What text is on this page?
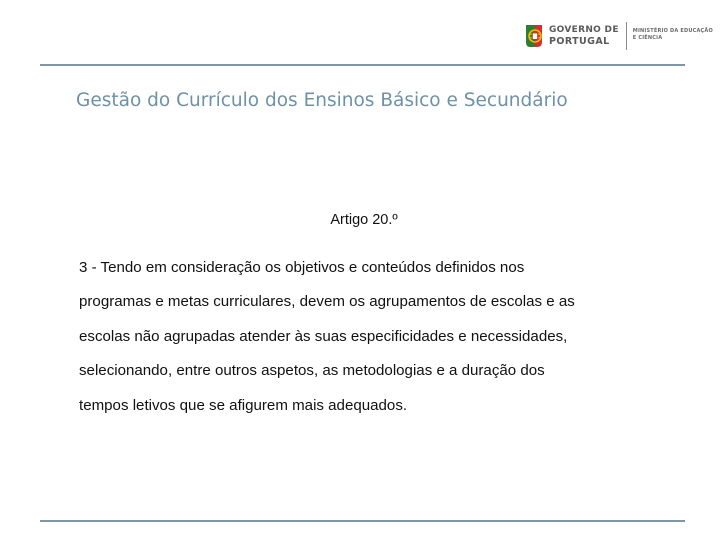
GOVERNO DE
PORTUGAL
MINISTÉRIO DA EDUCAÇÃO
E CIÊNCIA
Gestão do Currículo dos Ensinos Básico e Secundário
Artigo 20.º

3 - Tendo em consideração os objetivos e conteúdos definidos nos
programas e metas curriculares, devem os agrupamentos de escolas e as
escolas não agrupadas atender às suas especificidades e necessidades,
selecionando, entre outros aspetos, as metodologias e a duração dos
tempos letivos que se afigurem mais adequados.
